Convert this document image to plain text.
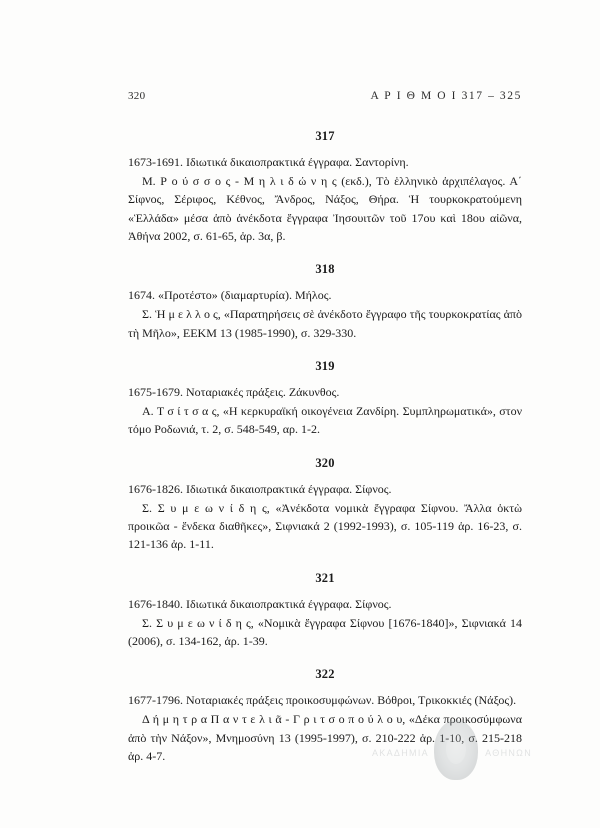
320	Α Ρ Ι Θ Μ Ο Ι 317 – 325
317

1673-1691. Ιδιωτικά δικαιοπρακτικά έγγραφα. Σαντορίνη.

Μ. Ρ ο ύ σ σ ο ς - Μ η λ ι δ ώ ν η ς (εκδ.), Τὸ ἑλληνικὸ ἀρχιπέλαγος. Α΄ Σίφνος, Σέριφος, Κέθνος, Ἄνδρος, Νάξος, Θήρα. Ἡ τουρκοκρατούμενη «Ἑλλάδα» μέσα ἀπὸ ἀνέκδοτα ἔγγραφα Ἰησουιτῶν τοῦ 17ου καὶ 18ου αἰῶνα, Ἀθήνα 2002, σ. 61-65, ἀρ. 3α, β.

318

1674. «Προτέστο» (διαμαρτυρία). Μήλος.

Σ. Ἡ μ ε λ λ ο ς, «Παρατηρήσεις σὲ ἀνέκδοτο ἔγγραφο τῆς τουρκοκρατίας ἀπὸ τὴ Μῆλο», ΕΕΚΜ 13 (1985-1990), σ. 329-330.

319

1675-1679. Νοταριακές πράξεις. Ζάκυνθος.

Α. Τ σ ί τ σ α ς, «Η κερκυραϊκή οικογένεια Ζανδίρη. Συμπληρωματικά», στον τόμο Ροδωνιά, τ. 2, σ. 548-549, αρ. 1-2.

320

1676-1826. Ιδιωτικά δικαιοπρακτικά έγγραφα. Σίφνος.

Σ. Σ υ μ ε ω ν ί δ η ς, «Ἀνέκδοτα νομικὰ ἔγγραφα Σίφνου. Ἄλλα ὀκτὼ προικῶα - ἕνδεκα διαθῆκες», Σιφνιακά 2 (1992-1993), σ. 105-119 ἀρ. 16-23, σ. 121-136 ἀρ. 1-11.

321

1676-1840. Ιδιωτικά δικαιοπρακτικά έγγραφα. Σίφνος.

Σ. Σ υ μ ε ω ν ί δ η ς, «Νομικὰ ἔγγραφα Σίφνου [1676-1840]», Σιφνιακά 14 (2006), σ. 134-162, ἀρ. 1-39.

322

1677-1796. Νοταριακές πράξεις προικοσυμφώνων. Βόθροι, Τρικοκκιές (Νάξος).

Δ ή μ η τ ρ α Π α ν τ ε λ ι ᾶ - Γ ρ ι τ σ ο π ο ύ λ ο υ, «Δέκα προικοσύμφωνα ἀπὸ τὴν Νάξον», Μνημοσύνη 13 (1995-1997), σ. 210-222 ἀρ. 1-10, σ. 215-218 ἀρ. 4-7.	ΑΚΑΔΗΜΙΑ	ΑΘΗΝΩΝ
